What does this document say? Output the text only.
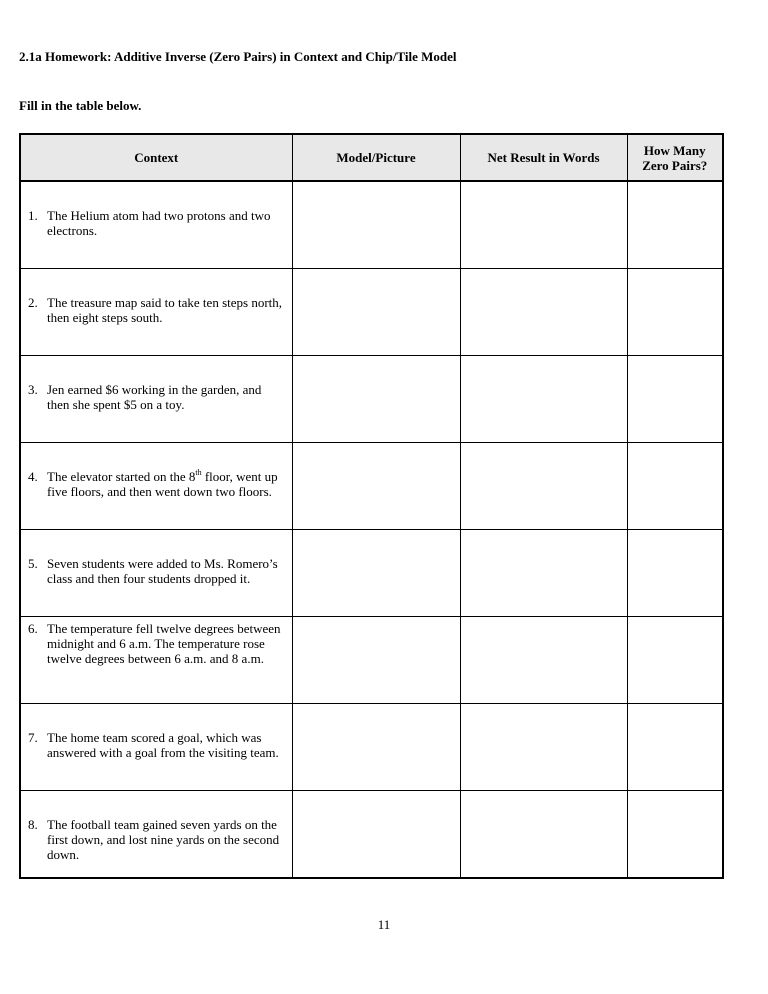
2.1a Homework: Additive Inverse (Zero Pairs) in Context and Chip/Tile Model
Fill in the table below.
Context	Model/Picture	Net Result in Words	How Many
Zero Pairs?

1. The Helium atom had two protons and two electrons.			

2. The treasure map said to take ten steps north, then eight steps south.			

3. Jen earned $6 working in the garden, and then she spent $5 on a toy.			

4. The elevator started on the 8th floor, went up five floors, and then went down two floors.			

5. Seven students were added to Ms. Romero’s class and then four students dropped it.			

6. The temperature fell twelve degrees between midnight and 6 a.m. The temperature rose twelve degrees between 6 a.m. and 8 a.m.			

7. The home team scored a goal, which was answered with a goal from the visiting team.			

8. The football team gained seven yards on the first down, and lost nine yards on the second down.			

11
